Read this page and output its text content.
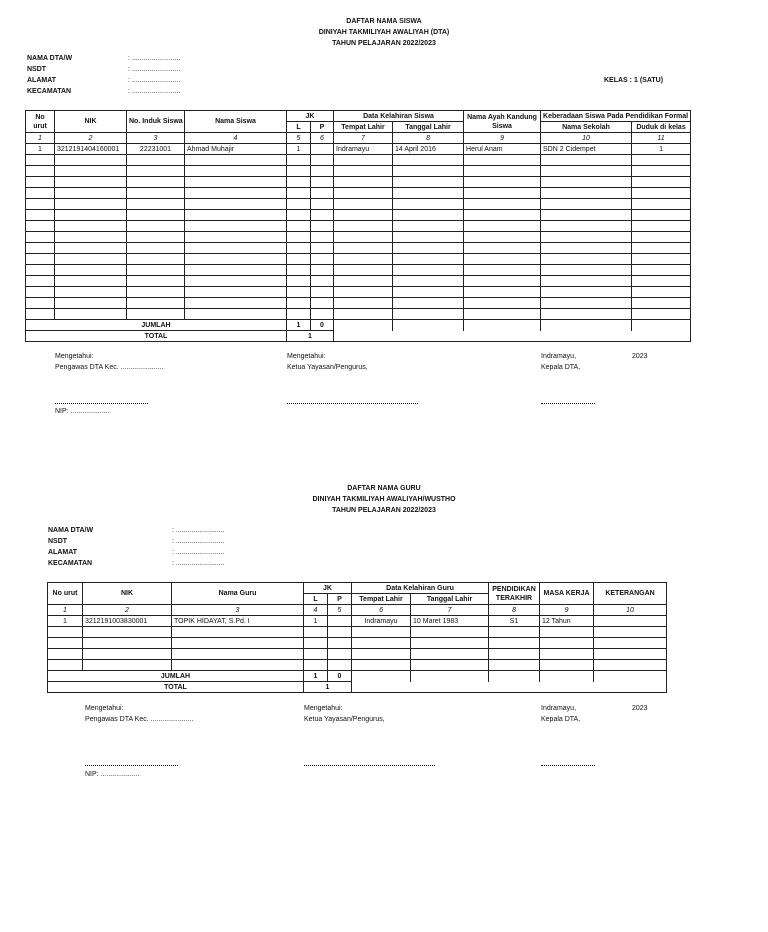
DAFTAR NAMA SISWA
DINIYAH TAKMILIYAH AWALIYAH (DTA)
TAHUN PELAJARAN 2022/2023
NAMA DTA/W	: .........................
NSDT	: .........................
ALAMAT	: .........................
KECAMATAN	: .........................
KELAS : 1 (SATU)
No urut	NIK	No. Induk Siswa	Nama Siswa	JK		Data Kelahiran Siswa		Nama Ayah Kandung Siswa	Keberadaan Siswa Pada Pendidikan Formal	
				L	P	Tempat Lahir	Tanggal Lahir		Nama Sekolah	Duduk di kelas
1	2	3	4	5	6	7	8	9	10	11
1	3212191404160001	22231001	Ahmad Muhajir	1		Indramayu	14 April 2016	Herul Anam	SDN 2 Cidempet	1

JUMLAH				1	0					
TOTAL				1						
Mengetahui:
Pengawas DTA Kec. ......................
Mengetahui:
Ketua Yayasan/Pengurus,
Indramayu,	2023
Kepala DTA,
NIP: ....................
DAFTAR NAMA GURU
DINIYAH TAKMILIYAH AWALIYAH/WUSTHO
TAHUN PELAJARAN 2022/2023
NAMA DTA/W	: .........................
NSDT	: .........................
ALAMAT	: .........................
KECAMATAN	: .........................
No urut	NIK	Nama Guru	JK		Data Kelahiran Guru		PENDIDIKAN TERAKHIR	MASA KERJA	KETERANGAN
			L	P	Tempat Lahir	Tanggal Lahir			
1	2	3	4	5	6	7	8	9	10
1	3212191003830001	TOPIK HIDAYAT, S.Pd. I	1		Indramayu	10 Maret 1983	S1	12 Tahun	

JUMLAH			1	0					
TOTAL			1						
Mengetahui:
Pengawas DTA Kec. ......................
Mengetahui:
Ketua Yayasan/Pengurus,
Indramayu,	2023
Kepala DTA,
NIP: ....................
